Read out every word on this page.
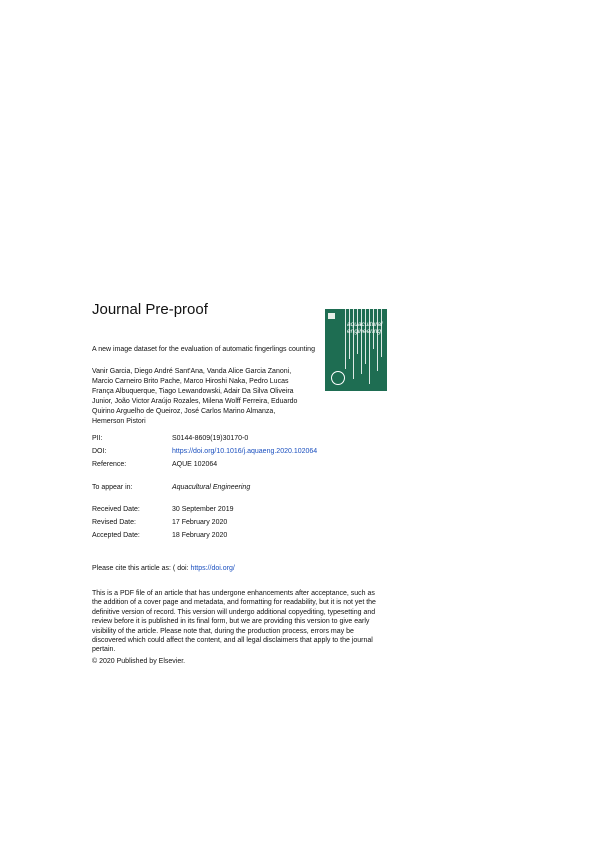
Journal Pre-proof
aquacultural
engineering
A new image dataset for the evaluation of automatic fingerlings counting
Vanir Garcia, Diego André Sant'Ana, Vanda Alice Garcia Zanoni,
Marcio Carneiro Brito Pache, Marco Hiroshi Naka, Pedro Lucas
França Albuquerque, Tiago Lewandowski, Adair Da Silva Oliveira
Junior, João Victor Araújo Rozales, Milena Wolff Ferreira, Eduardo
Quirino Arguelho de Queiroz, José Carlos Marino Almanza,
Hemerson Pistori
PII:	S0144-8609(19)30170-0
DOI:	https://doi.org/10.1016/j.aquaeng.2020.102064
Reference:	AQUE 102064
To appear in:	Aquacultural Engineering
Received Date:	30 September 2019
Revised Date:	17 February 2020
Accepted Date:	18 February 2020
Please cite this article as: ( doi: https://doi.org/
This is a PDF file of an article that has undergone enhancements after acceptance, such as
the addition of a cover page and metadata, and formatting for readability, but it is not yet the
definitive version of record. This version will undergo additional copyediting, typesetting and
review before it is published in its final form, but we are providing this version to give early
visibility of the article. Please note that, during the production process, errors may be
discovered which could affect the content, and all legal disclaimers that apply to the journal
pertain.
© 2020 Published by Elsevier.
